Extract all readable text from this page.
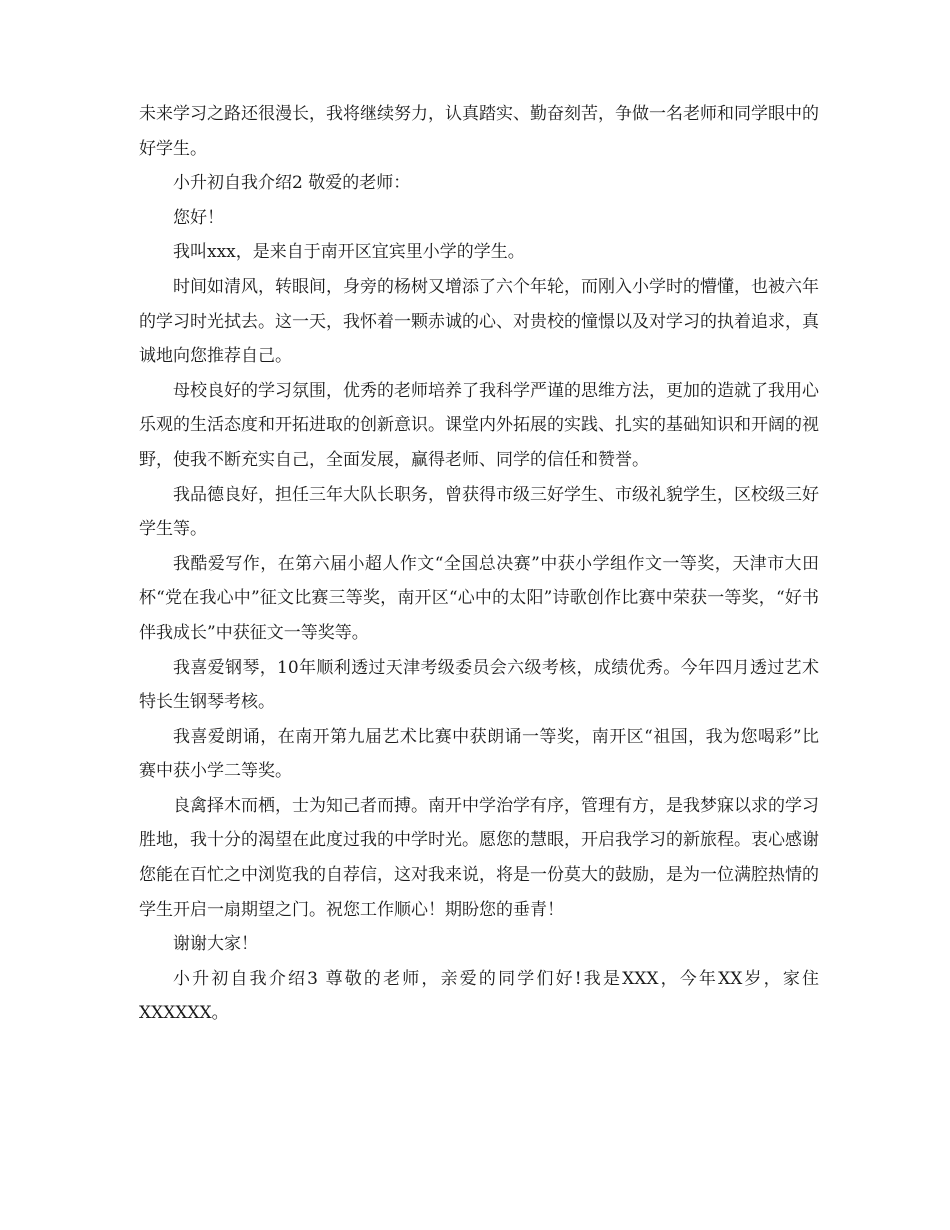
未来学习之路还很漫长，我将继续努力，认真踏实、勤奋刻苦，争做一名老师和同学眼中的好学生。

小升初自我介绍2 敬爱的老师：

您好！

我叫xxx，是来自于南开区宜宾里小学的学生。

时间如清风，转眼间，身旁的杨树又增添了六个年轮，而刚入小学时的懵懂，也被六年的学习时光拭去。这一天，我怀着一颗赤诚的心、对贵校的憧憬以及对学习的执着追求，真诚地向您推荐自己。

母校良好的学习氛围，优秀的老师培养了我科学严谨的思维方法，更加的造就了我用心乐观的生活态度和开拓进取的创新意识。课堂内外拓展的实践、扎实的基础知识和开阔的视野，使我不断充实自己，全面发展，赢得老师、同学的信任和赞誉。

我品德良好，担任三年大队长职务，曾获得市级三好学生、市级礼貌学生，区校级三好学生等。

我酷爱写作，在第六届小超人作文“全国总决赛”中获小学组作文一等奖，天津市大田杯“党在我心中”征文比赛三等奖，南开区“心中的太阳”诗歌创作比赛中荣获一等奖，“好书伴我成长”中获征文一等奖等。

我喜爱钢琴，10年顺利透过天津考级委员会六级考核，成绩优秀。今年四月透过艺术特长生钢琴考核。

我喜爱朗诵，在南开第九届艺术比赛中获朗诵一等奖，南开区“祖国，我为您喝彩”比赛中获小学二等奖。

良禽择木而栖，士为知己者而搏。南开中学治学有序，管理有方，是我梦寐以求的学习胜地，我十分的渴望在此度过我的中学时光。愿您的慧眼，开启我学习的新旅程。衷心感谢您能在百忙之中浏览我的自荐信，这对我来说，将是一份莫大的鼓励，是为一位满腔热情的学生开启一扇期望之门。祝您工作顺心！期盼您的垂青！

谢谢大家！

小升初自我介绍3 尊敬的老师，亲爱的同学们好!我是XXX，今年XX岁，家住XXXXXX。
